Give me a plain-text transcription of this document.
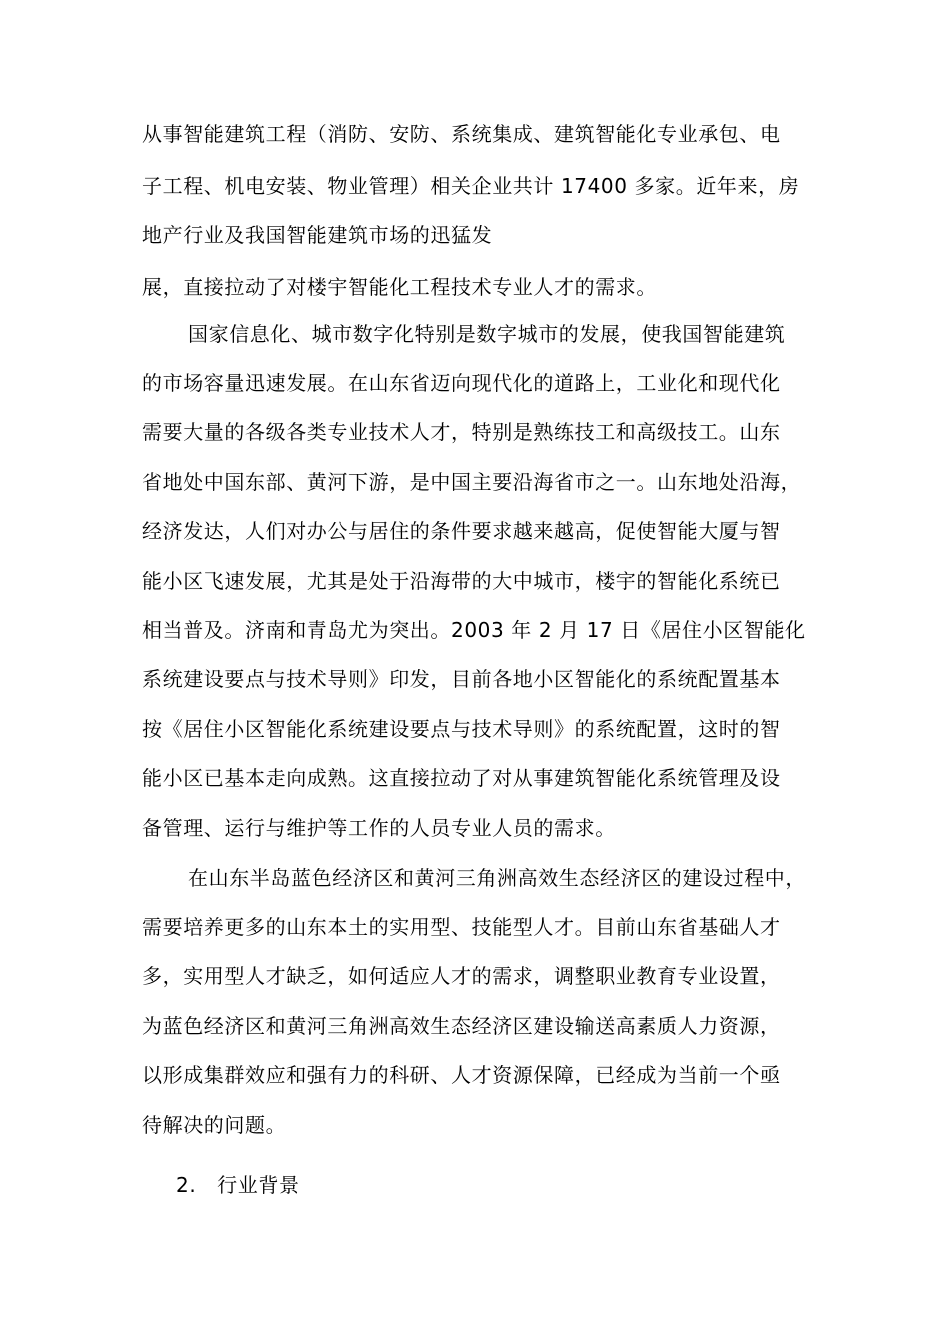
从事智能建筑工程（消防、安防、系统集成、建筑智能化专业承包、电
子工程、机电安装、物业管理）相关企业共计 17400 多家。近年来，房
地产行业及我国智能建筑市场的迅猛发
展，直接拉动了对楼宇智能化工程技术专业人才的需求。
国家信息化、城市数字化特别是数字城市的发展，使我国智能建筑
的市场容量迅速发展。在山东省迈向现代化的道路上，工业化和现代化
需要大量的各级各类专业技术人才，特别是熟练技工和高级技工。山东
省地处中国东部、黄河下游，是中国主要沿海省市之一。山东地处沿海，
经济发达，人们对办公与居住的条件要求越来越高，促使智能大厦与智
能小区飞速发展，尤其是处于沿海带的大中城市，楼宇的智能化系统已
相当普及。济南和青岛尤为突出。2003 年 2 月 17 日《居住小区智能化
系统建设要点与技术导则》印发，目前各地小区智能化的系统配置基本
按《居住小区智能化系统建设要点与技术导则》的系统配置，这时的智
能小区已基本走向成熟。这直接拉动了对从事建筑智能化系统管理及设
备管理、运行与维护等工作的人员专业人员的需求。
在山东半岛蓝色经济区和黄河三角洲高效生态经济区的建设过程中，
需要培养更多的山东本土的实用型、技能型人才。目前山东省基础人才
多，实用型人才缺乏，如何适应人才的需求，调整职业教育专业设置，
为蓝色经济区和黄河三角洲高效生态经济区建设输送高素质人力资源，
以形成集群效应和强有力的科研、人才资源保障，已经成为当前一个亟
待解决的问题。
2.   行业背景
